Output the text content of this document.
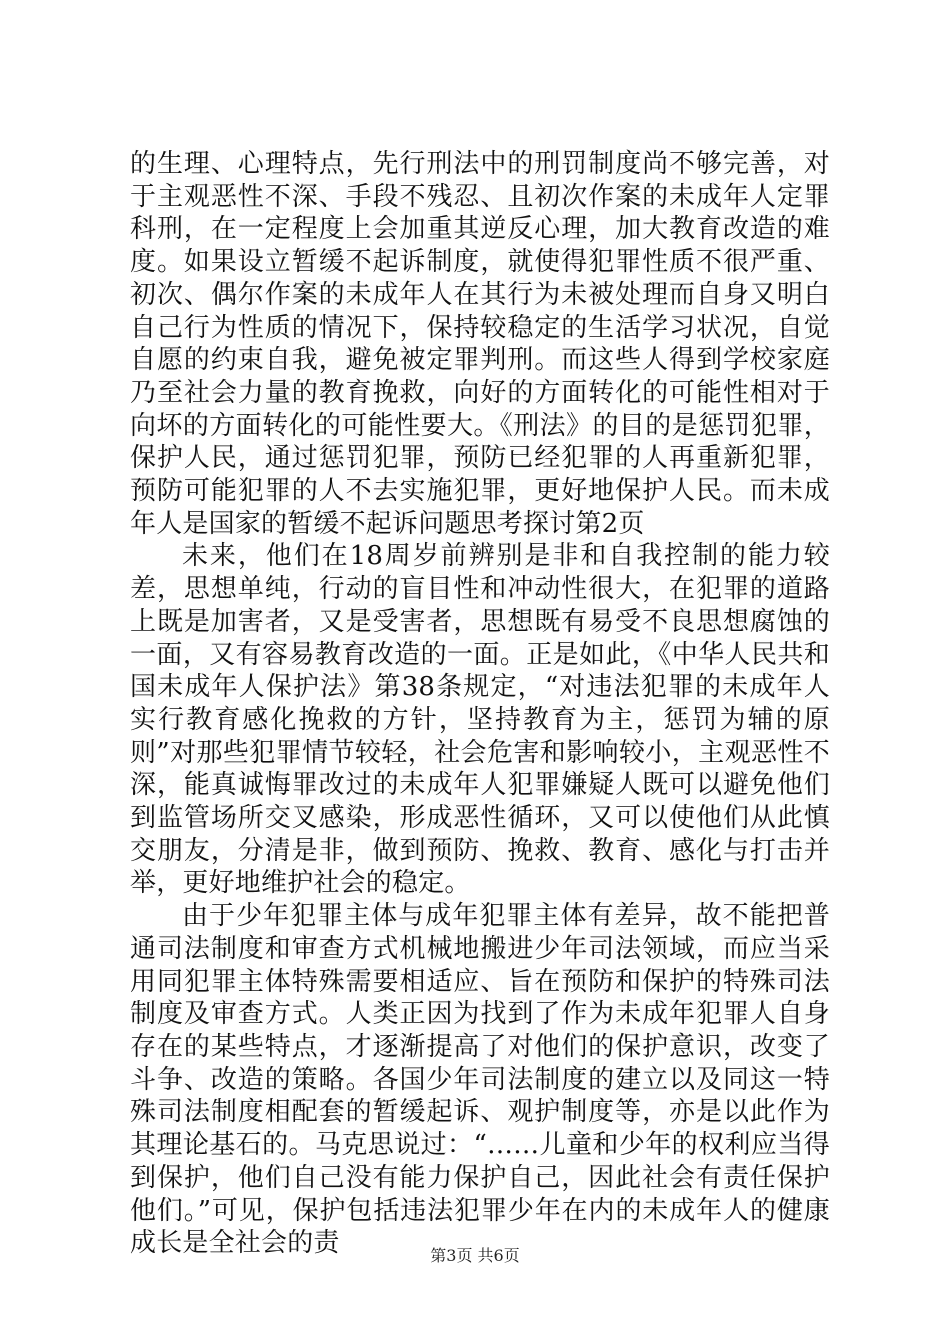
的生理、心理特点，先行刑法中的刑罚制度尚不够完善，对于主观恶性不深、手段不残忍、且初次作案的未成年人定罪科刑，在一定程度上会加重其逆反心理，加大教育改造的难度。如果设立暂缓不起诉制度，就使得犯罪性质不很严重、初次、偶尔作案的未成年人在其行为未被处理而自身又明白自己行为性质的情况下，保持较稳定的生活学习状况，自觉自愿的约束自我，避免被定罪判刑。而这些人得到学校家庭乃至社会力量的教育挽救，向好的方面转化的可能性相对于向坏的方面转化的可能性要大。《刑法》的目的是惩罚犯罪，保护人民，通过惩罚犯罪，预防已经犯罪的人再重新犯罪，预防可能犯罪的人不去实施犯罪，更好地保护人民。而未成年人是国家的暂缓不起诉问题思考探讨第2页

未来，他们在18周岁前辨别是非和自我控制的能力较差，思想单纯，行动的盲目性和冲动性很大，在犯罪的道路上既是加害者，又是受害者，思想既有易受不良思想腐蚀的一面，又有容易教育改造的一面。正是如此，《中华人民共和国未成年人保护法》第38条规定，“对违法犯罪的未成年人实行教育感化挽救的方针，坚持教育为主，惩罚为辅的原则”对那些犯罪情节较轻，社会危害和影响较小，主观恶性不深，能真诚悔罪改过的未成年人犯罪嫌疑人既可以避免他们到监管场所交叉感染，形成恶性循环，又可以使他们从此慎交朋友，分清是非，做到预防、挽救、教育、感化与打击并举，更好地维护社会的稳定。

由于少年犯罪主体与成年犯罪主体有差异，故不能把普通司法制度和审查方式机械地搬进少年司法领域，而应当采用同犯罪主体特殊需要相适应、旨在预防和保护的特殊司法制度及审查方式。人类正因为找到了作为未成年犯罪人自身存在的某些特点，才逐渐提高了对他们的保护意识，改变了斗争、改造的策略。各国少年司法制度的建立以及同这一特殊司法制度相配套的暂缓起诉、观护制度等，亦是以此作为其理论基石的。马克思说过：“……儿童和少年的权利应当得到保护，他们自己没有能力保护自己，因此社会有责任保护他们。”可见，保护包括违法犯罪少年在内的未成年人的健康成长是全社会的责	第3页 共6页
